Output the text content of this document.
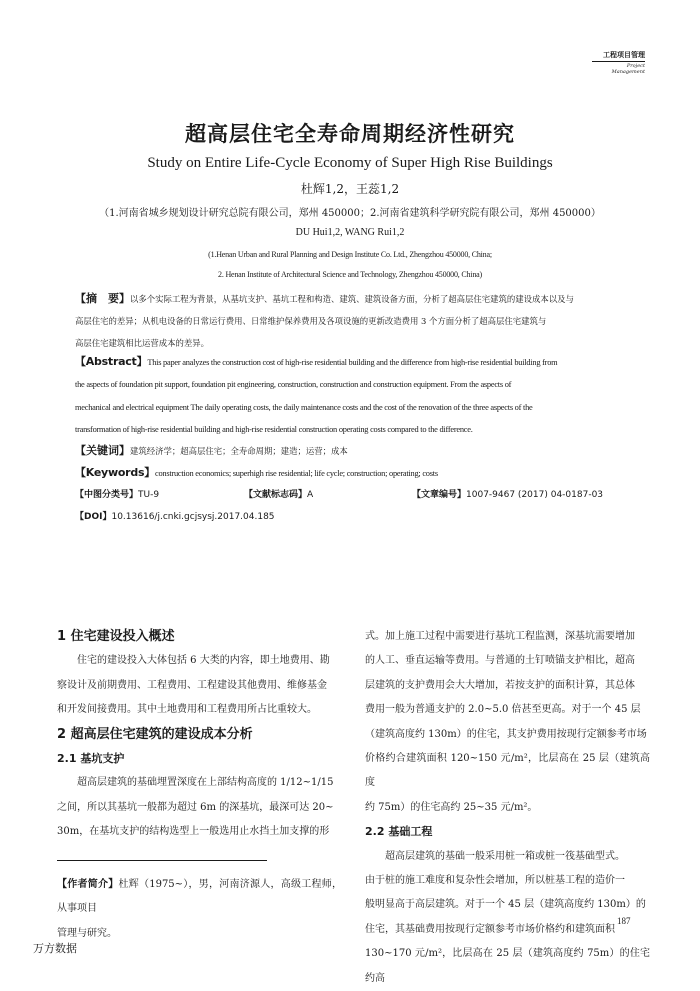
工程项目管理
Project Management
超高层住宅全寿命周期经济性研究
Study on Entire Life-Cycle Economy of Super High Rise Buildings
杜辉1,2，王蕊1,2
（1.河南省城乡规划设计研究总院有限公司，郑州 450000；2.河南省建筑科学研究院有限公司，郑州 450000）
DU Hui1,2, WANG Rui1,2
(1.Henan Urban and Rural Planning and Design Institute Co. Ltd., Zhengzhou 450000, China;
2. Henan Institute of Architectural Science and Technology, Zhengzhou 450000, China)
【摘　要】以多个实际工程为背景，从基坑支护、基坑工程和构造、建筑、建筑设备方面，分析了超高层住宅建筑的建设成本以及与
高层住宅的差异；从机电设备的日常运行费用、日常维护保养费用及各项设施的更新改造费用 3 个方面分析了超高层住宅建筑与
高层住宅建筑相比运营成本的差异。
【Abstract】This paper analyzes the construction cost of high-rise residential building and the difference from high-rise residential building from
the aspects of foundation pit support, foundation pit engineering, construction, construction and construction equipment. From the aspects of
mechanical and electrical equipment The daily operating costs, the daily maintenance costs and the cost of the renovation of the three aspects of the
transformation of high-rise residential building and high-rise residential construction operating costs compared to the difference.
【关键词】建筑经济学；超高层住宅；全寿命周期；建造；运营；成本
【Keywords】construction economics; superhigh rise residential; life cycle; construction; operating; costs
【中图分类号】TU-9	【文献标志码】A	【文章编号】1007-9467 (2017) 04-0187-03
【DOI】10.13616/j.cnki.gcjsysj.2017.04.185
1 住宅建设投入概述

住宅的建设投入大体包括 6 大类的内容，即土地费用、勘

察设计及前期费用、工程费用、工程建设其他费用、维修基金
和开发间接费用。其中土地费用和工程费用所占比重较大。
2 超高层住宅建筑的建设成本分析
2.1 基坑支护

超高层建筑的基础埋置深度在上部结构高度的 1/12~1/15

之间，所以其基坑一般都为超过 6m 的深基坑，最深可达 20~
30m，在基坑支护的结构选型上一般选用止水挡土加支撑的形
【作者简介】杜辉（1975~），男，河南济源人，高级工程师，从事项目
管理与研究。
式。加上施工过程中需要进行基坑工程监测，深基坑需要增加
的人工、垂直运输等费用。与普通的土钉喷锚支护相比，超高
层建筑的支护费用会大大增加，若按支护的面积计算，其总体
费用一般为普通支护的 2.0~5.0 倍甚至更高。对于一个 45 层
（建筑高度约 130m）的住宅，其支护费用按现行定额参考市场
价格约合建筑面积 120~150 元/m²，比层高在 25 层（建筑高度
约 75m）的住宅高约 25~35 元/m²。
2.2 基础工程

超高层建筑的基础一般采用桩一箱或桩一筏基础型式。

由于桩的施工难度和复杂性会增加，所以桩基工程的造价一
般明显高于高层建筑。对于一个 45 层（建筑高度约 130m）的
住宅，其基础费用按现行定额参考市场价格约和建筑面积
130~170 元/m²，比层高在 25 层（建筑高度约 75m）的住宅约高
187
万方数据
